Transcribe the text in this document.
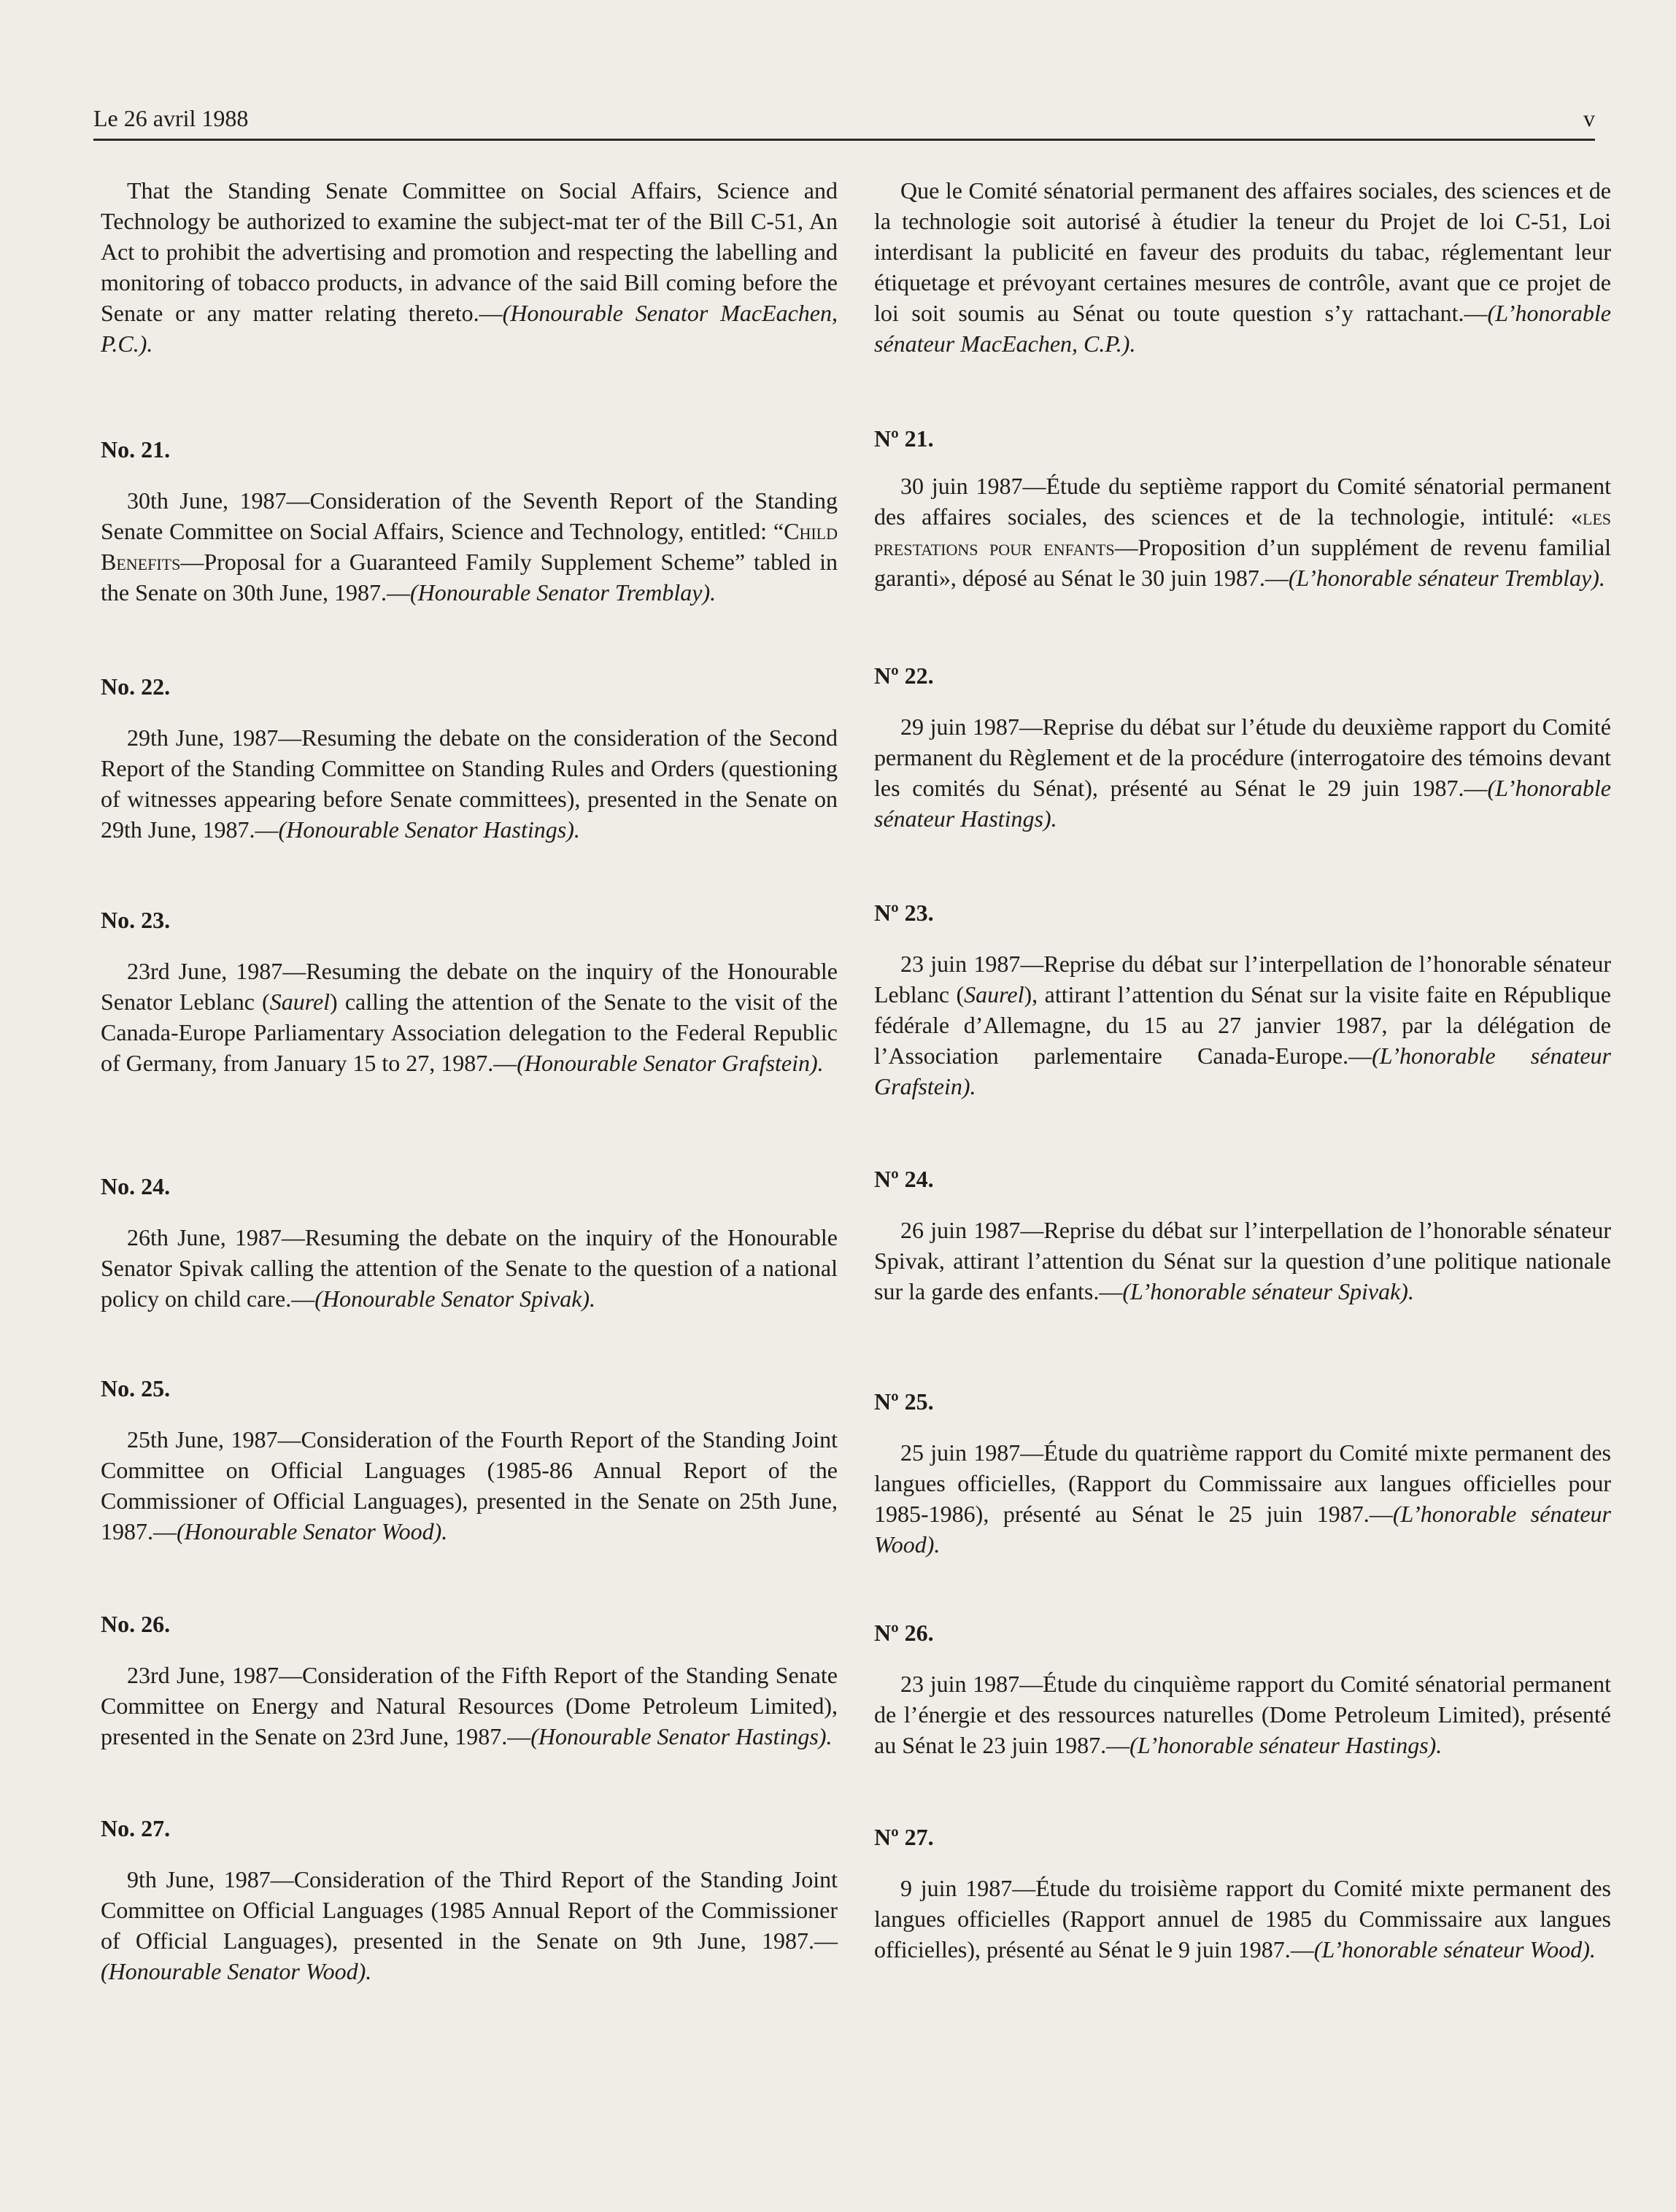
Le 26 avril 1988	v

That the Standing Senate Committee on Social Affairs, Science and Technology be authorized to examine the subject-mat ter of the Bill C-51, An Act to prohibit the advertising and promotion and respecting the labelling and monitoring of tobacco products, in advance of the said Bill coming before the Senate or any matter relating thereto.—(Honourable Senator MacEachen, P.C.).

No. 21.

30th June, 1987—Consideration of the Seventh Report of the Standing Senate Committee on Social Affairs, Science and Technology, entitled: “Child Benefits—Proposal for a Guaranteed Family Supplement Scheme” tabled in the Senate on 30th June, 1987.—(Honourable Senator Tremblay).

No. 22.

29th June, 1987—Resuming the debate on the consideration of the Second Report of the Standing Committee on Standing Rules and Orders (questioning of witnesses appearing before Senate committees), presented in the Senate on 29th June, 1987.—(Honourable Senator Hastings).

No. 23.

23rd June, 1987—Resuming the debate on the inquiry of the Honourable Senator Leblanc (Saurel) calling the attention of the Senate to the visit of the Canada-Europe Parliamentary Association delegation to the Federal Republic of Germany, from January 15 to 27, 1987.—(Honourable Senator Grafstein).

No. 24.

26th June, 1987—Resuming the debate on the inquiry of the Honourable Senator Spivak calling the attention of the Senate to the question of a national policy on child care.—(Honourable Senator Spivak).

No. 25.

25th June, 1987—Consideration of the Fourth Report of the Standing Joint Committee on Official Languages (1985-86 Annual Report of the Commissioner of Official Languages), presented in the Senate on 25th June, 1987.—(Honourable Senator Wood).

No. 26.

23rd June, 1987—Consideration of the Fifth Report of the Standing Senate Committee on Energy and Natural Resources (Dome Petroleum Limited), presented in the Senate on 23rd June, 1987.—(Honourable Senator Hastings).

No. 27.

9th June, 1987—Consideration of the Third Report of the Standing Joint Committee on Official Languages (1985 Annual Report of the Commissioner of Official Languages), presented in the Senate on 9th June, 1987.—(Honourable Senator Wood).

Que le Comité sénatorial permanent des affaires sociales, des sciences et de la technologie soit autorisé à étudier la teneur du Projet de loi C-51, Loi interdisant la publicité en faveur des produits du tabac, réglementant leur étiquetage et prévoyant certaines mesures de contrôle, avant que ce projet de loi soit soumis au Sénat ou toute question s’y rattachant.—(L’honorable sénateur MacEachen, C.P.).

Nº 21.

30 juin 1987—Étude du septième rapport du Comité sénatorial permanent des affaires sociales, des sciences et de la technologie, intitulé: «les prestations pour enfants—Proposition d’un supplément de revenu familial garanti», déposé au Sénat le 30 juin 1987.—(L’honorable sénateur Tremblay).

Nº 22.

29 juin 1987—Reprise du débat sur l’étude du deuxième rapport du Comité permanent du Règlement et de la procédure (interrogatoire des témoins devant les comités du Sénat), présenté au Sénat le 29 juin 1987.—(L’honorable sénateur Hastings).

Nº 23.

23 juin 1987—Reprise du débat sur l’interpellation de l’honorable sénateur Leblanc (Saurel), attirant l’attention du Sénat sur la visite faite en République fédérale d’Allemagne, du 15 au 27 janvier 1987, par la délégation de l’Association parlementaire Canada-Europe.—(L’honorable sénateur Grafstein).

Nº 24.

26 juin 1987—Reprise du débat sur l’interpellation de l’honorable sénateur Spivak, attirant l’attention du Sénat sur la question d’une politique nationale sur la garde des enfants.—(L’honorable sénateur Spivak).

Nº 25.

25 juin 1987—Étude du quatrième rapport du Comité mixte permanent des langues officielles, (Rapport du Commissaire aux langues officielles pour 1985-1986), présenté au Sénat le 25 juin 1987.—(L’honorable sénateur Wood).

Nº 26.

23 juin 1987—Étude du cinquième rapport du Comité sénatorial permanent de l’énergie et des ressources naturelles (Dome Petroleum Limited), présenté au Sénat le 23 juin 1987.—(L’honorable sénateur Hastings).

Nº 27.

9 juin 1987—Étude du troisième rapport du Comité mixte permanent des langues officielles (Rapport annuel de 1985 du Commissaire aux langues officielles), présenté au Sénat le 9 juin 1987.—(L’honorable sénateur Wood).
